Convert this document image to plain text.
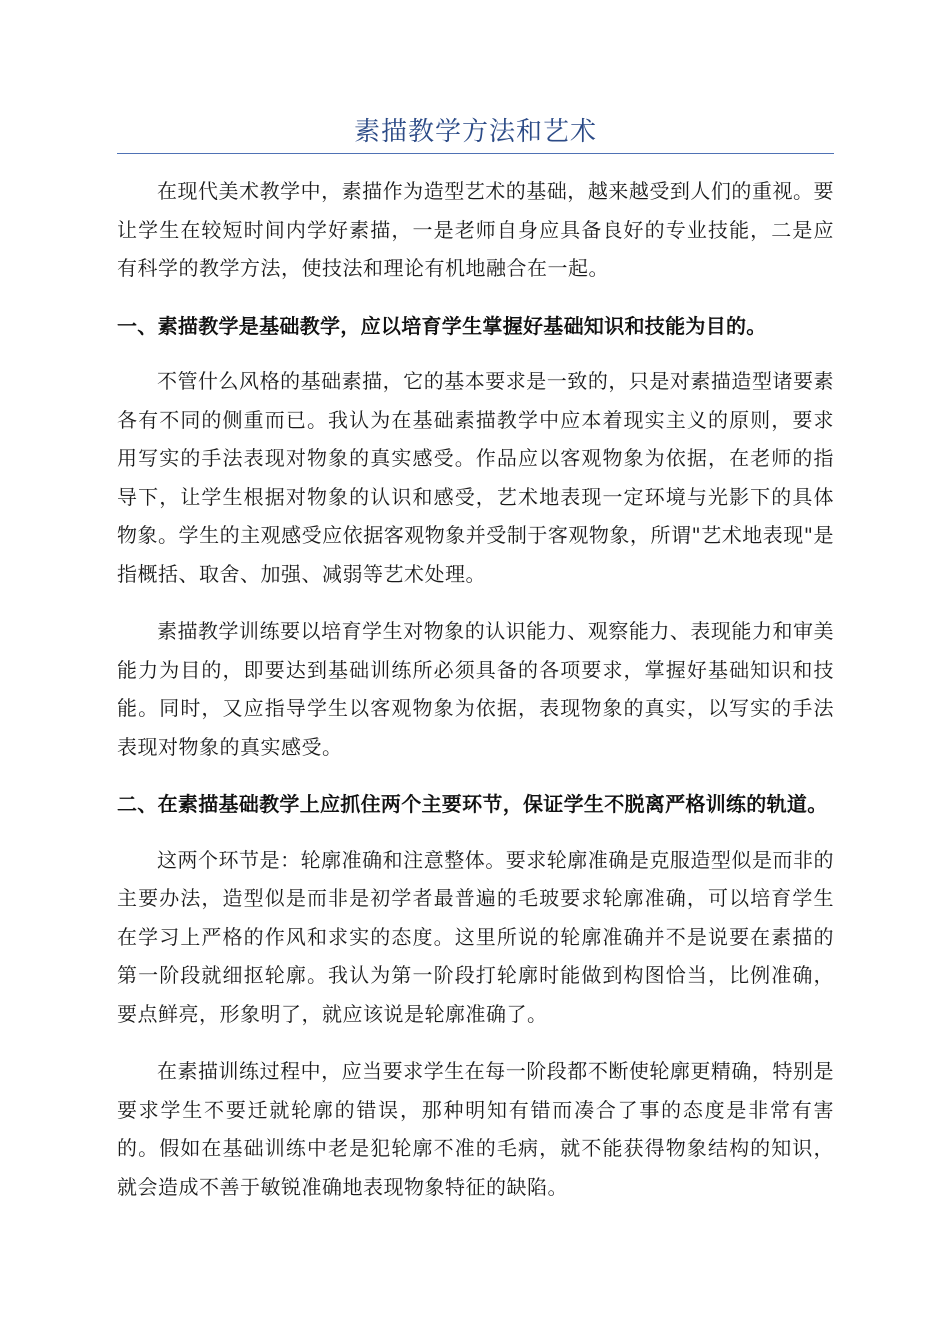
素描教学方法和艺术

在现代美术教学中，素描作为造型艺术的基础，越来越受到人们的重视。要让学生在较短时间内学好素描，一是老师自身应具备良好的专业技能，二是应有科学的教学方法，使技法和理论有机地融合在一起。

一、素描教学是基础教学，应以培育学生掌握好基础知识和技能为目的。

不管什么风格的基础素描，它的基本要求是一致的，只是对素描造型诸要素各有不同的侧重而已。我认为在基础素描教学中应本着现实主义的原则，要求用写实的手法表现对物象的真实感受。作品应以客观物象为依据，在老师的指导下，让学生根据对物象的认识和感受，艺术地表现一定环境与光影下的具体物象。学生的主观感受应依据客观物象并受制于客观物象，所谓"艺术地表现"是指概括、取舍、加强、减弱等艺术处理。

素描教学训练要以培育学生对物象的认识能力、观察能力、表现能力和审美能力为目的，即要达到基础训练所必须具备的各项要求，掌握好基础知识和技能。同时，又应指导学生以客观物象为依据，表现物象的真实，以写实的手法表现对物象的真实感受。

二、在素描基础教学上应抓住两个主要环节，保证学生不脱离严格训练的轨道。

这两个环节是：轮廓准确和注意整体。要求轮廓准确是克服造型似是而非的主要办法，造型似是而非是初学者最普遍的毛玻要求轮廓准确，可以培育学生在学习上严格的作风和求实的态度。这里所说的轮廓准确并不是说要在素描的第一阶段就细抠轮廓。我认为第一阶段打轮廓时能做到构图恰当，比例准确，要点鲜亮，形象明了，就应该说是轮廓准确了。

在素描训练过程中，应当要求学生在每一阶段都不断使轮廓更精确，特别是要求学生不要迁就轮廓的错误，那种明知有错而凑合了事的态度是非常有害的。假如在基础训练中老是犯轮廓不准的毛病，就不能获得物象结构的知识，就会造成不善于敏锐准确地表现物象特征的缺陷。
